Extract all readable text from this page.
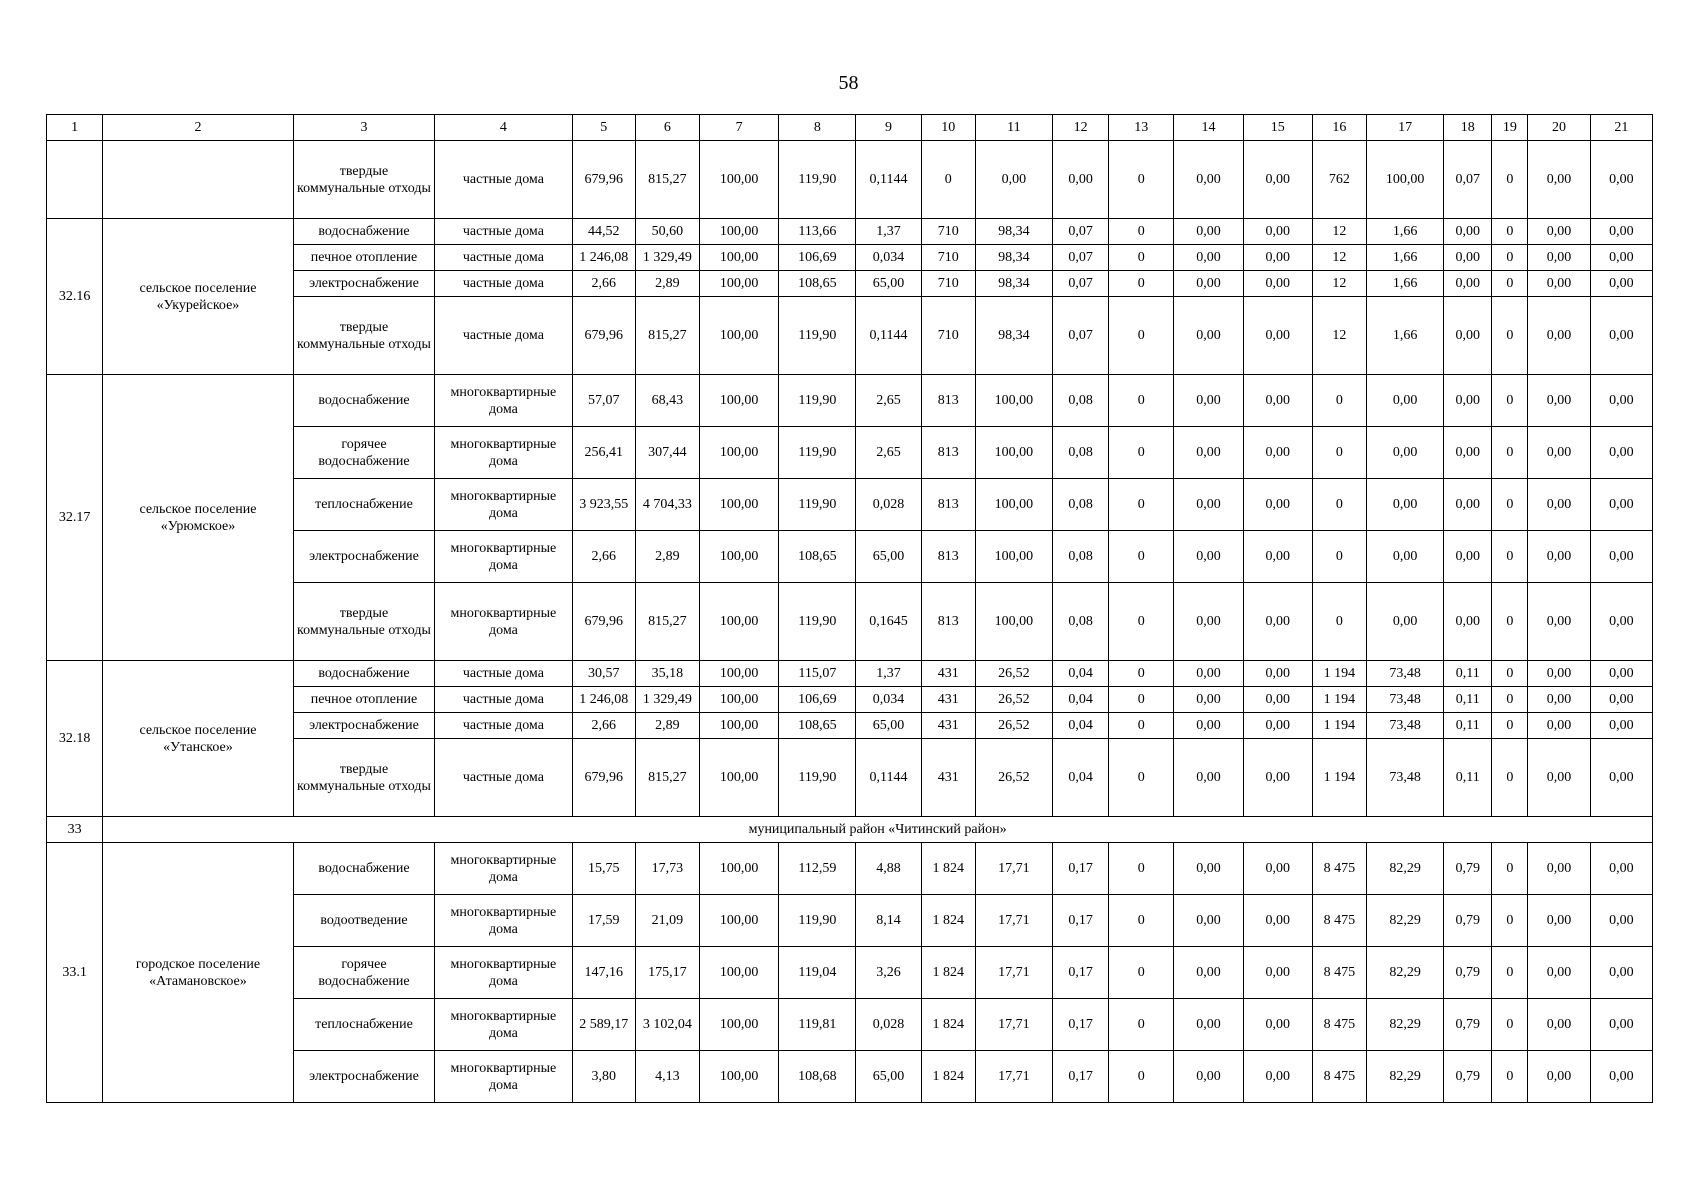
58
1	2	3	4	5	6	7	8	9	10	11	12	13	14	15	16	17	18	19	20	21
		твердые коммунальные отходы	частные дома	679,96	815,27	100,00	119,90	0,1144	0	0,00	0,00	0	0,00	0,00	762	100,00	0,07	0	0,00	0,00
32.16	сельское поселение «Укурейское»	водоснабжение	частные дома	44,52	50,60	100,00	113,66	1,37	710	98,34	0,07	0	0,00	0,00	12	1,66	0,00	0	0,00	0,00
		печное отопление	частные дома	1 246,08	1 329,49	100,00	106,69	0,034	710	98,34	0,07	0	0,00	0,00	12	1,66	0,00	0	0,00	0,00
		электроснабжение	частные дома	2,66	2,89	100,00	108,65	65,00	710	98,34	0,07	0	0,00	0,00	12	1,66	0,00	0	0,00	0,00
		твердые коммунальные отходы	частные дома	679,96	815,27	100,00	119,90	0,1144	710	98,34	0,07	0	0,00	0,00	12	1,66	0,00	0	0,00	0,00
32.17	сельское поселение «Урюмское»	водоснабжение	многоквартирные дома	57,07	68,43	100,00	119,90	2,65	813	100,00	0,08	0	0,00	0,00	0	0,00	0,00	0	0,00	0,00
		горячее водоснабжение	многоквартирные дома	256,41	307,44	100,00	119,90	2,65	813	100,00	0,08	0	0,00	0,00	0	0,00	0,00	0	0,00	0,00
		теплоснабжение	многоквартирные дома	3 923,55	4 704,33	100,00	119,90	0,028	813	100,00	0,08	0	0,00	0,00	0	0,00	0,00	0	0,00	0,00
		электроснабжение	многоквартирные дома	2,66	2,89	100,00	108,65	65,00	813	100,00	0,08	0	0,00	0,00	0	0,00	0,00	0	0,00	0,00
		твердые коммунальные отходы	многоквартирные дома	679,96	815,27	100,00	119,90	0,1645	813	100,00	0,08	0	0,00	0,00	0	0,00	0,00	0	0,00	0,00
32.18	сельское поселение «Утанское»	водоснабжение	частные дома	30,57	35,18	100,00	115,07	1,37	431	26,52	0,04	0	0,00	0,00	1 194	73,48	0,11	0	0,00	0,00
		печное отопление	частные дома	1 246,08	1 329,49	100,00	106,69	0,034	431	26,52	0,04	0	0,00	0,00	1 194	73,48	0,11	0	0,00	0,00
		электроснабжение	частные дома	2,66	2,89	100,00	108,65	65,00	431	26,52	0,04	0	0,00	0,00	1 194	73,48	0,11	0	0,00	0,00
		твердые коммунальные отходы	частные дома	679,96	815,27	100,00	119,90	0,1144	431	26,52	0,04	0	0,00	0,00	1 194	73,48	0,11	0	0,00	0,00
33	муниципальный район «Читинский район»																			
33.1	городское поселение «Атамановское»	водоснабжение	многоквартирные дома	15,75	17,73	100,00	112,59	4,88	1 824	17,71	0,17	0	0,00	0,00	8 475	82,29	0,79	0	0,00	0,00
		водоотведение	многоквартирные дома	17,59	21,09	100,00	119,90	8,14	1 824	17,71	0,17	0	0,00	0,00	8 475	82,29	0,79	0	0,00	0,00
		горячее водоснабжение	многоквартирные дома	147,16	175,17	100,00	119,04	3,26	1 824	17,71	0,17	0	0,00	0,00	8 475	82,29	0,79	0	0,00	0,00
		теплоснабжение	многоквартирные дома	2 589,17	3 102,04	100,00	119,81	0,028	1 824	17,71	0,17	0	0,00	0,00	8 475	82,29	0,79	0	0,00	0,00
		электроснабжение	многоквартирные дома	3,80	4,13	100,00	108,68	65,00	1 824	17,71	0,17	0	0,00	0,00	8 475	82,29	0,79	0	0,00	0,00
